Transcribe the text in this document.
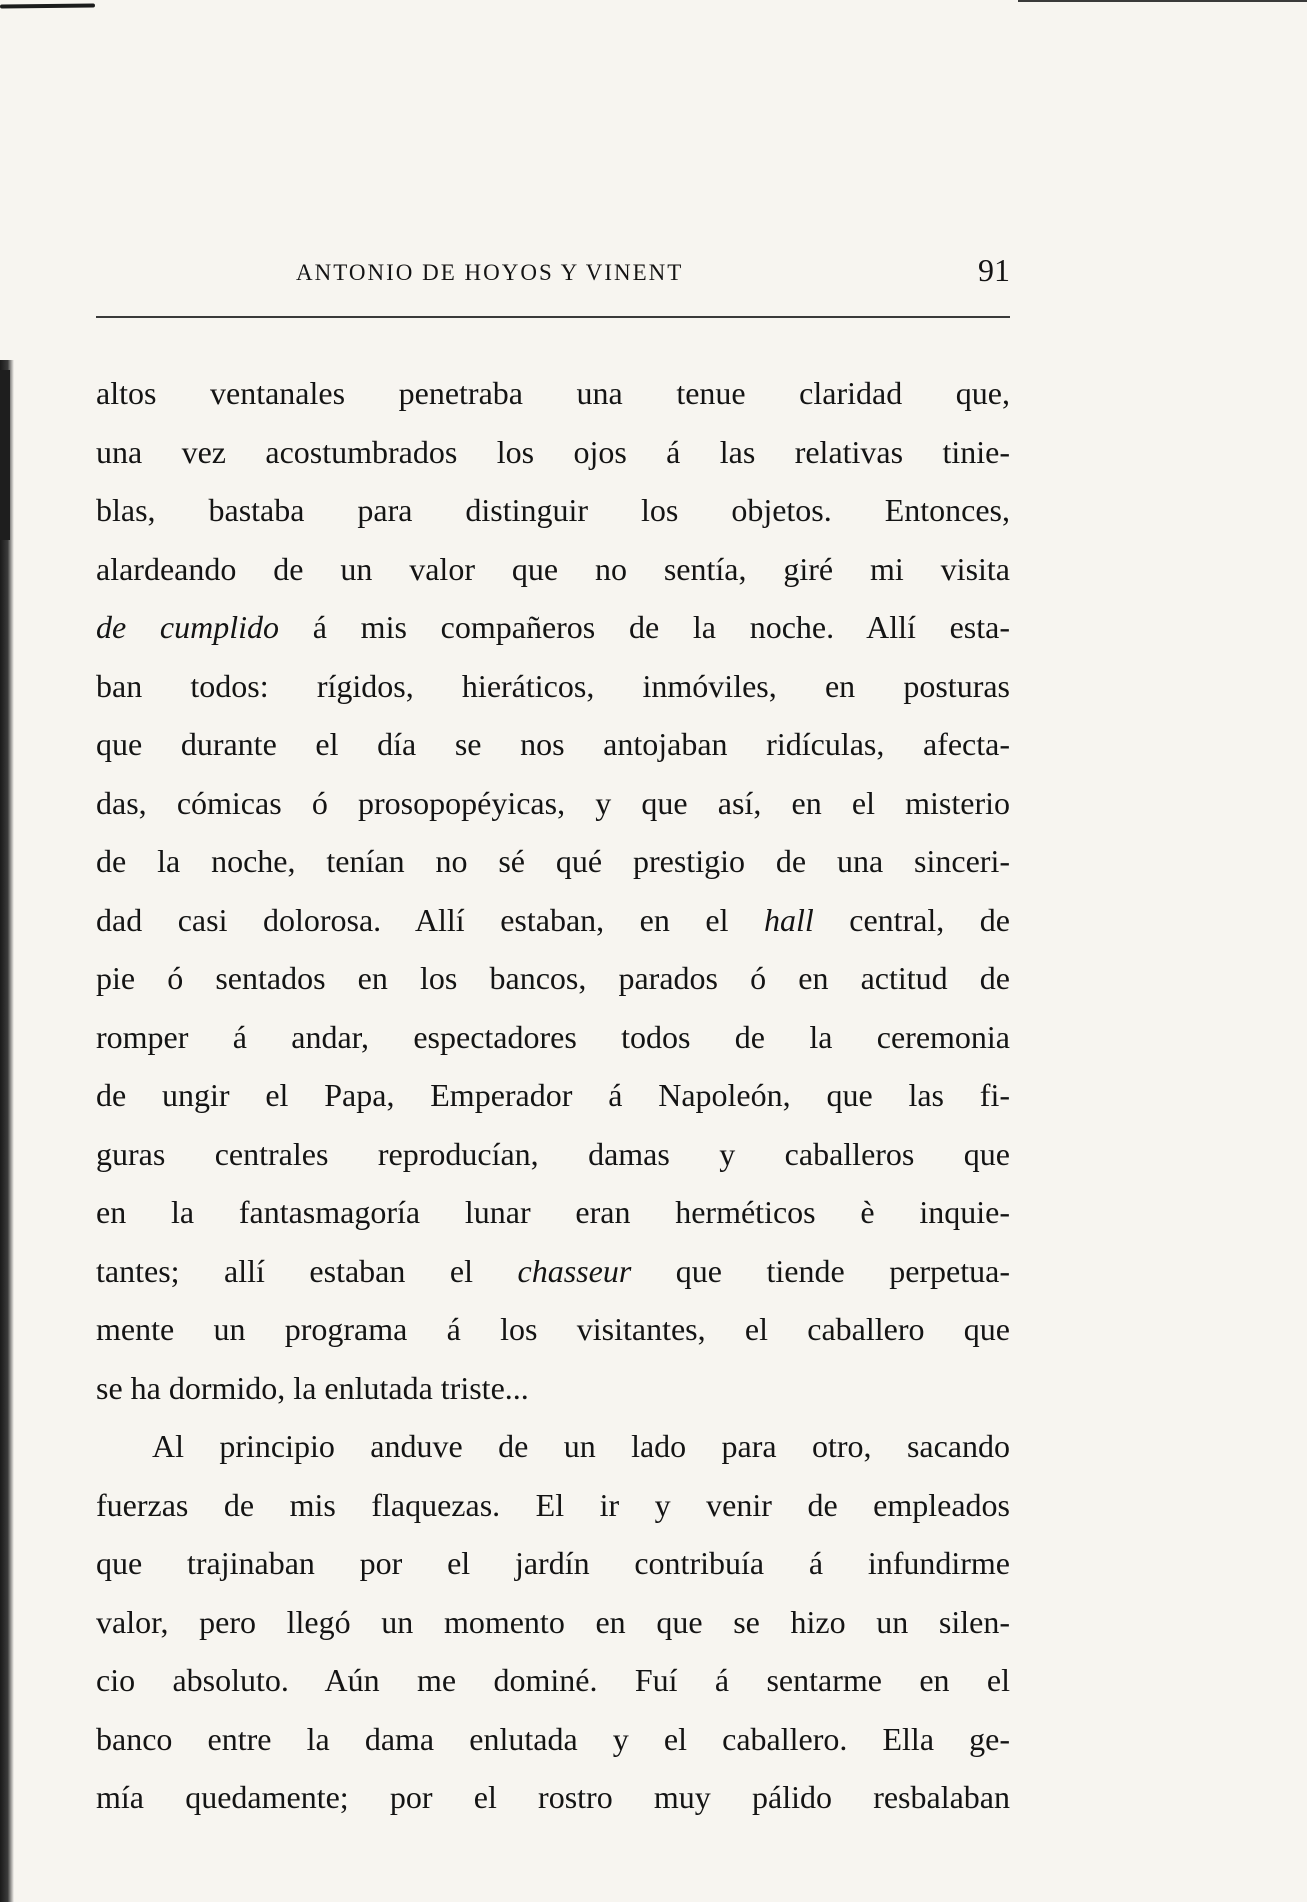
ANTONIO DE HOYOS Y VINENT	91
altos ventanales penetraba una tenue claridad que,
una vez acostumbrados los ojos á las relativas tinie-
blas, bastaba para distinguir los objetos. Entonces,
alardeando de un valor que no sentía, giré mi visita
de cumplido á mis compañeros de la noche. Allí esta-
ban todos: rígidos, hieráticos, inmóviles, en posturas
que durante el día se nos antojaban ridículas, afecta-
das, cómicas ó prosopopéyicas, y que así, en el misterio
de la noche, tenían no sé qué prestigio de una sinceri-
dad casi dolorosa. Allí estaban, en el hall central, de
pie ó sentados en los bancos, parados ó en actitud de
romper á andar, espectadores todos de la ceremonia
de ungir el Papa, Emperador á Napoleón, que las fi-
guras centrales reproducían, damas y caballeros que
en la fantasmagoría lunar eran herméticos è inquie-
tantes; allí estaban el chasseur que tiende perpetua-
mente un programa á los visitantes, el caballero que
se ha dormido, la enlutada triste...
Al principio anduve de un lado para otro, sacando
fuerzas de mis flaquezas. El ir y venir de empleados
que trajinaban por el jardín contribuía á infundirme
valor, pero llegó un momento en que se hizo un silen-
cio absoluto. Aún me dominé. Fuí á sentarme en el
banco entre la dama enlutada y el caballero. Ella ge-
mía quedamente; por el rostro muy pálido resbalaban
